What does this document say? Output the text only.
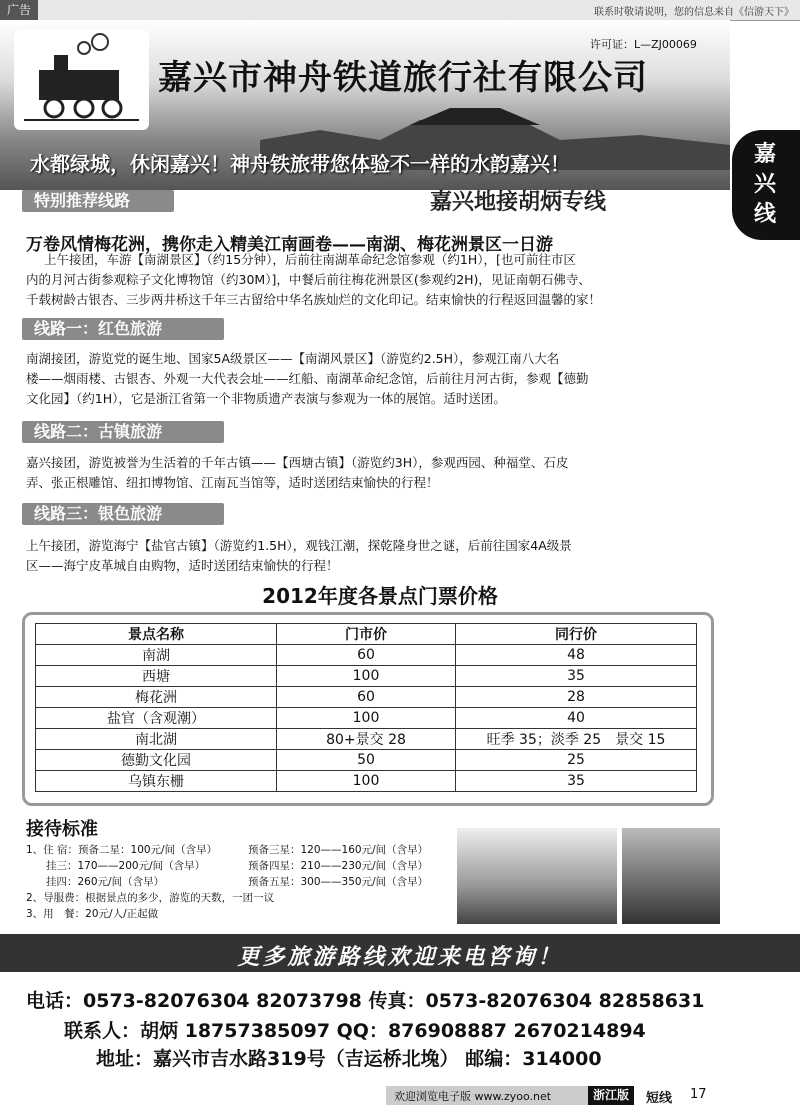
广告	联系时敬请说明，您的信息来自《信游天下》
许可证：L—ZJ00069
嘉兴市神舟铁道旅行社有限公司
水都绿城，休闲嘉兴！神舟铁旅带您体验不一样的水韵嘉兴！	嘉兴线
特别推荐线路	嘉兴地接胡炳专线
万卷风情梅花洲，携你走入精美江南画卷——南湖、梅花洲景区一日游
上午接团，车游【南湖景区】（约15分钟），后前往南湖革命纪念馆参观（约1H），[也可前往市区
内的月河古街参观粽子文化博物馆（约30M）]，中餐后前往梅花洲景区(参观约2H)，见证南朝石佛寺、
千载树龄古银杏、三步两井桥这千年三古留给中华名族灿烂的文化印记。结束愉快的行程返回温馨的家！
线路一：红色旅游
南湖接团，游览党的诞生地、国家5A级景区——【南湖风景区】（游览约2.5H），参观江南八大名
楼——烟雨楼、古银杏、外观一大代表会址——红船、南湖革命纪念馆，后前往月河古街，参观【德勤
文化园】（约1H），它是浙江省第一个非物质遗产表演与参观为一体的展馆。适时送团。
线路二：古镇旅游
嘉兴接团，游览被誉为生活着的千年古镇——【西塘古镇】（游览约3H），参观西园、种福堂、石皮
弄、张正根雕馆、纽扣博物馆、江南瓦当馆等，适时送团结束愉快的行程！
线路三：银色旅游
上午接团，游览海宁【盐官古镇】（游览约1.5H），观钱江潮，探乾隆身世之谜，后前往国家4A级景
区——海宁皮革城自由购物，适时送团结束愉快的行程！
2012年度各景点门票价格
景点名称	门市价	同行价
南湖	60	48
西塘	100	35
梅花洲	60	28
盐官（含观潮）	100	40
南北湖	80+景交 28	旺季 35；淡季 25　景交 15
德勤文化园	50	25
乌镇东栅	100	35
接待标准
1、住 宿：预备二星：100元/间（含早）	预备三星：120——160元/间（含早）
挂三：170——200元/间（含早）	预备四星：210——230元/间（含早）
挂四：260元/间（含早）	预备五星：300——350元/间（含早）
2、导服费：根据景点的多少，游览的天数，一团一议
3、用　餐：20元/人/正起做
更多旅游路线欢迎来电咨询！
电话：0573-82076304 82073798 传真：0573-82076304 82858631
联系人：胡炳 18757385097 QQ：876908887 2670214894
地址：嘉兴市吉水路319号（吉运桥北堍） 邮编：314000
欢迎浏览电子版 www.zyoo.net	浙江版	短线 17
